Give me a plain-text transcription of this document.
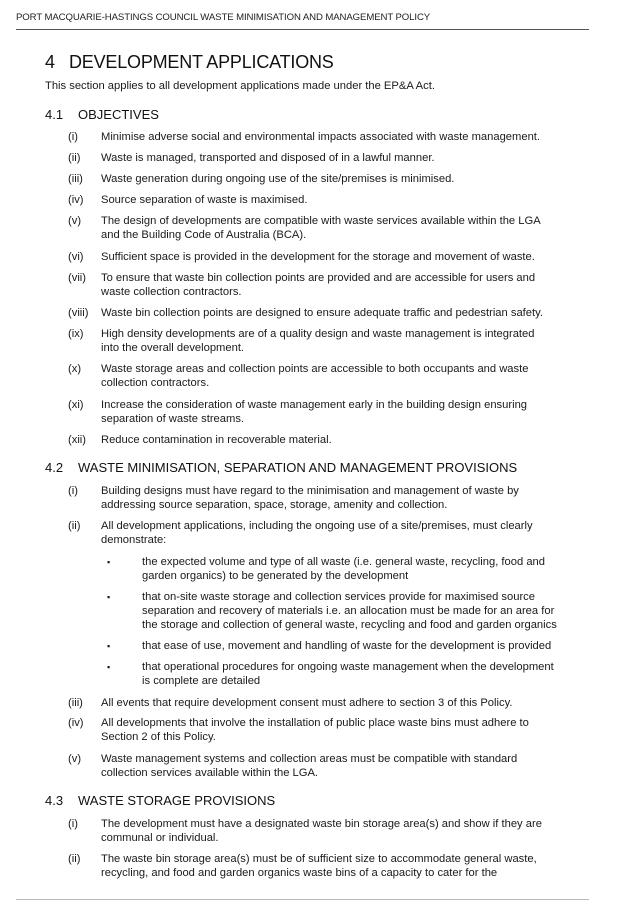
PORT MACQUARIE-HASTINGS COUNCIL WASTE MINIMISATION AND MANAGEMENT POLICY
4 DEVELOPMENT APPLICATIONS

This section applies to all development applications made under the EP&A Act.

4.1 OBJECTIVES
(i) Minimise adverse social and environmental impacts associated with waste management.
(ii) Waste is managed, transported and disposed of in a lawful manner.
(iii) Waste generation during ongoing use of the site/premises is minimised.
(iv) Source separation of waste is maximised.
(v) The design of developments are compatible with waste services available within the LGA
and the Building Code of Australia (BCA).
(vi) Sufficient space is provided in the development for the storage and movement of waste.
(vii) To ensure that waste bin collection points are provided and are accessible for users and
waste collection contractors.
(viii) Waste bin collection points are designed to ensure adequate traffic and pedestrian safety.
(ix) High density developments are of a quality design and waste management is integrated
into the overall development.
(x) Waste storage areas and collection points are accessible to both occupants and waste
collection contractors.
(xi) Increase the consideration of waste management early in the building design ensuring
separation of waste streams.
(xii) Reduce contamination in recoverable material.
4.2 WASTE MINIMISATION, SEPARATION AND MANAGEMENT PROVISIONS
(i) Building designs must have regard to the minimisation and management of waste by
addressing source separation, space, storage, amenity and collection.
(ii) All development applications, including the ongoing use of a site/premises, must clearly
demonstrate:
▪	the expected volume and type of all waste (i.e. general waste, recycling, food and
garden organics) to be generated by the development
▪	that on-site waste storage and collection services provide for maximised source
separation and recovery of materials i.e. an allocation must be made for an area for
the storage and collection of general waste, recycling and food and garden organics
▪	that ease of use, movement and handling of waste for the development is provided
▪	that operational procedures for ongoing waste management when the development
is complete are detailed
(iii) All events that require development consent must adhere to section 3 of this Policy.
(iv) All developments that involve the installation of public place waste bins must adhere to
Section 2 of this Policy.
(v) Waste management systems and collection areas must be compatible with standard
collection services available within the LGA.
4.3 WASTE STORAGE PROVISIONS
(i) The development must have a designated waste bin storage area(s) and show if they are
communal or individual.
(ii) The waste bin storage area(s) must be of sufficient size to accommodate general waste,
recycling, and food and garden organics waste bins of a capacity to cater for the
